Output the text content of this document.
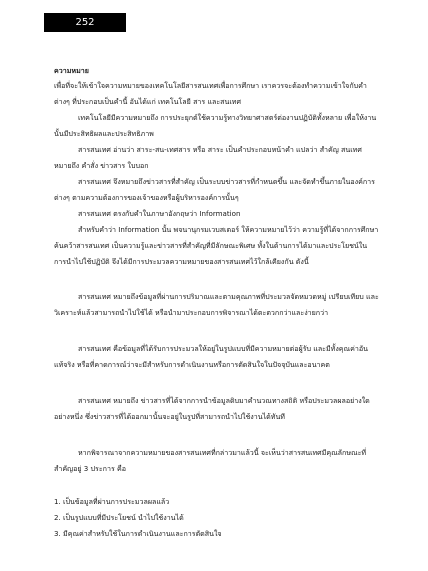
252
ความหมาย
เพื่อที่จะให้เข้าใจความหมายของเทคโนโลยีสารสนเทศเพื่อการศึกษา เราควรจะต้องทำความเข้าใจกับคำ
ต่างๆ ที่ประกอบเป็นคำนี้ อันได้แก่ เทคโนโลยี สาร และสนเทศ
เทคโนโลยีมีความหมายถึง การประยุกต์ใช้ความรู้ทางวิทยาศาสตร์ต่องานปฏิบัติทั้งหลาย เพื่อให้งาน
นั้นมีประสิทธิผลและประสิทธิภาพ
สารสนเทศ อ่านว่า สาระ-สน-เทศสาร หรือ สาระ เป็นคำประกอบหน้าคำ แปลว่า สำคัญ สนเทศ
หมายถึง คำสั่ง ข่าวสาร ใบบอก
สารสนเทศ จึงหมายถึงข่าวสารที่สำคัญ เป็นระบบข่าวสารที่กำหนดขึ้น และจัดทำขึ้นภายในองค์การ
ต่างๆ ตามความต้องการของเจ้าของหรือผู้บริหารองค์การนั้นๆ
สารสนเทศ ตรงกับคำในภาษาอังกฤษว่า Information
สำหรับคำว่า Information นั้น พจนานุกรมเวบสเตอร์ ให้ความหมายไว้ว่า ความรู้ที่ได้จากการศึกษา
ค้นคว้าสารสนเทศ เป็นความรู้และข่าวสารที่สำคัญที่มีลักษณะพิเศษ ทั้งในด้านการได้มาและประโยชน์ใน
การนำไปใช้ปฏิบัติ จึงได้มีการประมวลความหมายของสารสนเทศไว้ใกล้เคียงกัน ดังนี้
สารสนเทศ หมายถึงข้อมูลที่ผ่านการปริมาณและตามคุณภาพที่ประมวลจัดหมวดหมู่ เปรียบเทียบ และ
วิเคราะห์แล้วสามารถนำไปใช้ได้ หรือนำมาประกอบการพิจารณาได้ตะตวกกว่าและง่ายกว่า
สารสนเทศ คือข้อมูลที่ได้รับการประมวลให้อยู่ในรูปแบบที่มีความหมายต่อผู้รับ และมีทั้งคุณค่าอัน
แท้จริง หรือที่คาดการณ์ว่าจะมีสำหรับการดำเนินงานหรือการตัดสินใจในปัจจุบันและอนาคต
สารสนเทศ หมายถึง ข่าวสารที่ได้จากการนำข้อมูลดิบมาคำนวณทางสถิติ หรือประมวลผลอย่างใด
อย่างหนึ่ง ซึ่งข่าวสารที่ได้ออกมานั้นจะอยู่ในรูปที่สามารถนำไปใช้งานได้ทันที
หากพิจารณาจากความหมายของสารสนเทศที่กล่าวมาแล้วนี้ จะเห็นว่าสารสนเทศมีคุณลักษณะที่
สำคัญอยู่ 3 ประการ คือ
1. เป็นข้อมูลที่ผ่านการประมวลผลแล้ว
2. เป็นรูปแบบที่มีประโยชน์ นำไปใช้งานได้
3. มีคุณค่าสำหรับใช้ในการดำเนินงานและการตัดสินใจ
